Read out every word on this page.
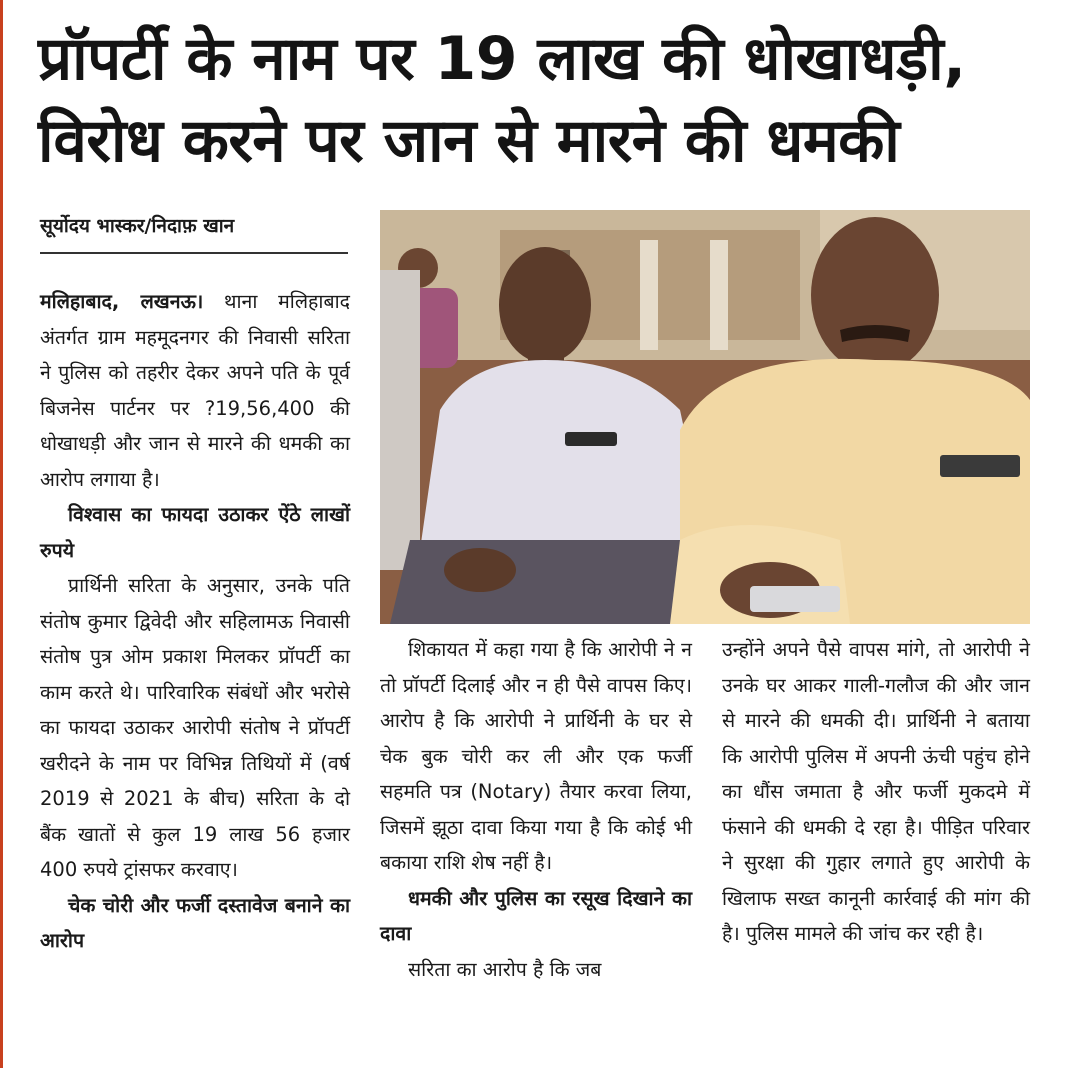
प्रॉपर्टी के नाम पर 19 लाख की धोखाधड़ी,
विरोध करने पर जान से मारने की धमकी
सूर्योदय भास्कर/निदाफ़ खान

मलिहाबाद, लखनऊ। थाना मलिहाबाद अंतर्गत ग्राम महमूदनगर की निवासी सरिता ने पुलिस को तहरीर देकर अपने पति के पूर्व बिजनेस पार्टनर पर ?19,56,400 की धोखाधड़ी और जान से मारने की धमकी का आरोप लगाया है।

विश्वास का फायदा उठाकर ऐंठे लाखों रुपये

प्रार्थिनी सरिता के अनुसार, उनके पति संतोष कुमार द्विवेदी और सहिलामऊ निवासी संतोष पुत्र ओम प्रकाश मिलकर प्रॉपर्टी का काम करते थे। पारिवारिक संबंधों और भरोसे का फायदा उठाकर आरोपी संतोष ने प्रॉपर्टी खरीदने के नाम पर विभिन्न तिथियों में (वर्ष 2019 से 2021 के बीच) सरिता के दो बैंक खातों से कुल 19 लाख 56 हजार 400 रुपये ट्रांसफर करवाए।

चेक चोरी और फर्जी दस्तावेज बनाने का आरोप

शिकायत में कहा गया है कि आरोपी ने न तो प्रॉपर्टी दिलाई और न ही पैसे वापस किए। आरोप है कि आरोपी ने प्रार्थिनी के घर से चेक बुक चोरी कर ली और एक फर्जी सहमति पत्र (Notary) तैयार करवा लिया, जिसमें झूठा दावा किया गया है कि कोई भी बकाया राशि शेष नहीं है।

धमकी और पुलिस का रसूख दिखाने का दावा

सरिता का आरोप है कि जब

उन्होंने अपने पैसे वापस मांगे, तो आरोपी ने उनके घर आकर गाली-गलौज की और जान से मारने की धमकी दी। प्रार्थिनी ने बताया कि आरोपी पुलिस में अपनी ऊंची पहुंच होने का धौंस जमाता है और फर्जी मुकदमे में फंसाने की धमकी दे रहा है। पीड़ित परिवार ने सुरक्षा की गुहार लगाते हुए आरोपी के खिलाफ सख्त कानूनी कार्रवाई की मांग की है। पुलिस मामले की जांच कर रही है।
